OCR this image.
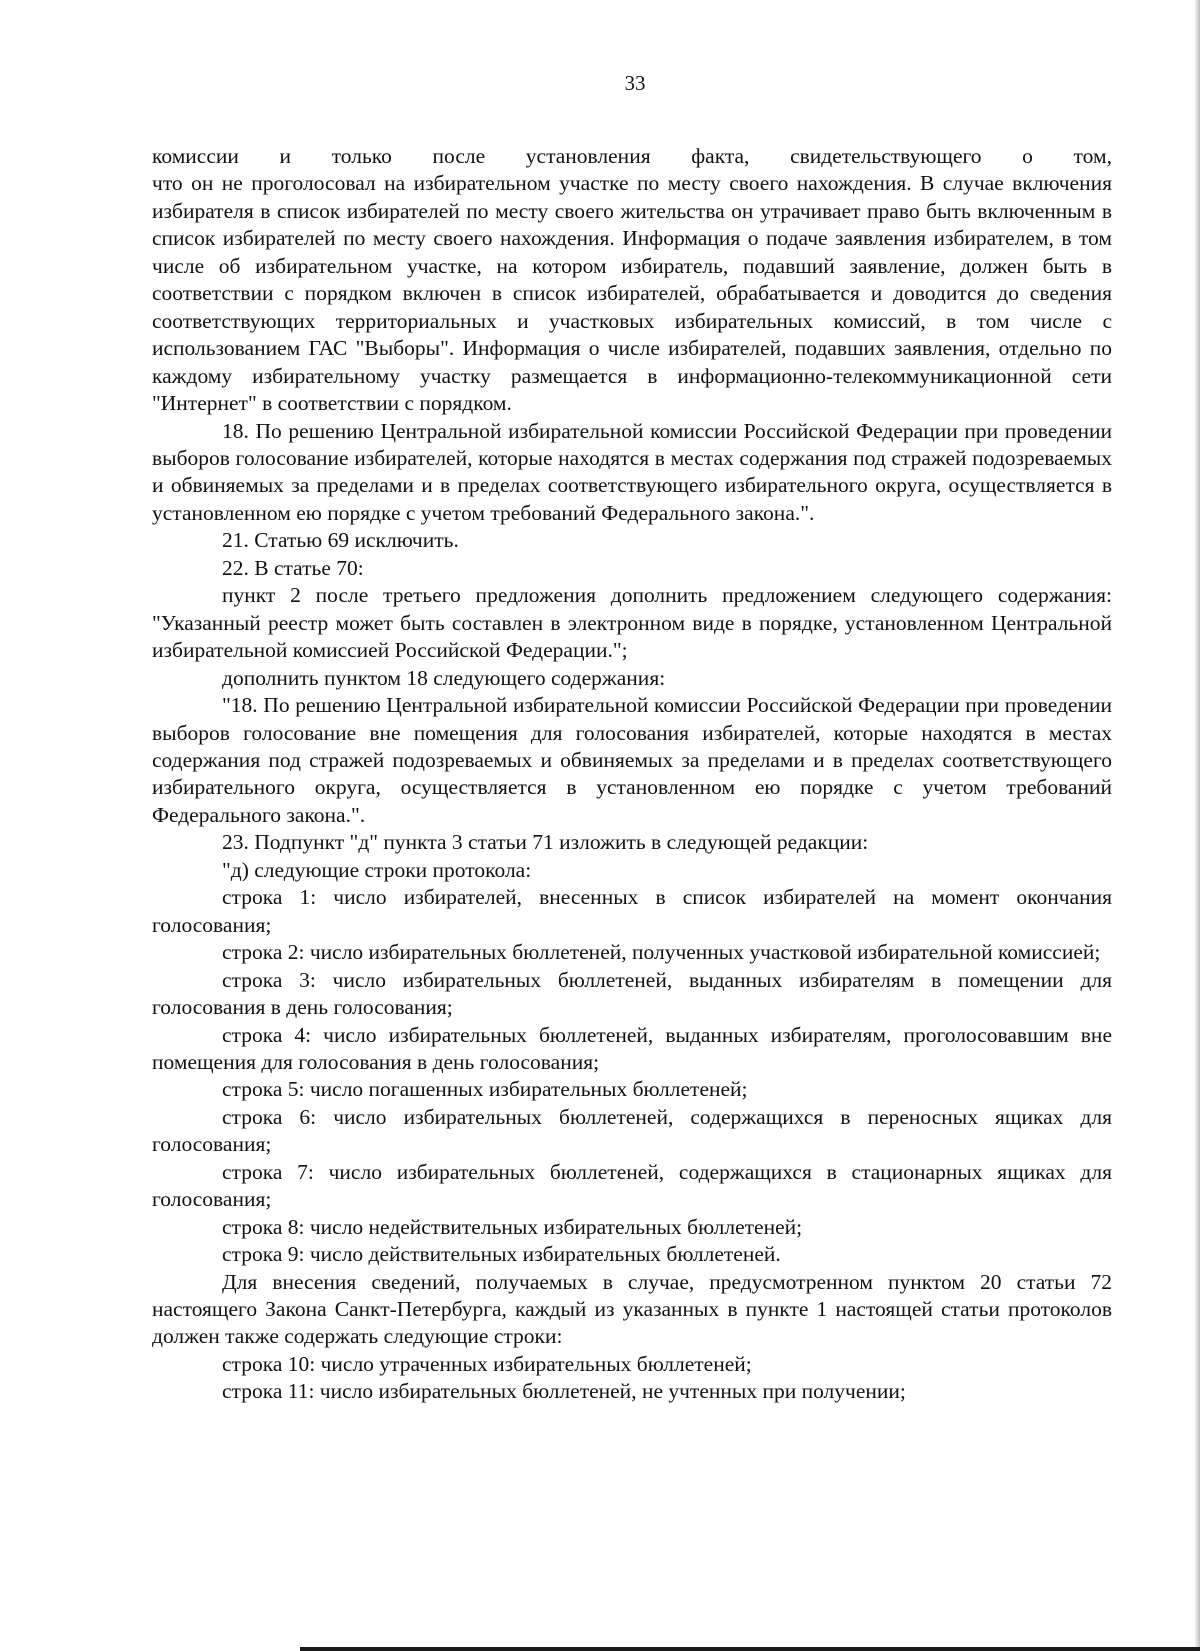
33

комиссии и только после установления факта, свидетельствующего о том,

что он не проголосовал на избирательном участке по месту своего нахождения. В случае включения избирателя в список избирателей по месту своего жительства он утрачивает право быть включенным в список избирателей по месту своего нахождения. Информация о подаче заявления избирателем, в том числе об избирательном участке, на котором избиратель, подавший заявление, должен быть в соответствии с порядком включен в список избирателей, обрабатывается и доводится до сведения соответствующих территориальных и участковых избирательных комиссий, в том числе с использованием ГАС "Выборы". Информация о числе избирателей, подавших заявления, отдельно по каждому избирательному участку размещается в информационно-телекоммуникационной сети "Интернет" в соответствии с порядком.

18. По решению Центральной избирательной комиссии Российской Федерации при проведении выборов голосование избирателей, которые находятся в местах содержания под стражей подозреваемых и обвиняемых за пределами и в пределах соответствующего избирательного округа, осуществляется в установленном ею порядке с учетом требований Федерального закона.".

21. Статью 69 исключить.

22. В статье 70:

пункт 2 после третьего предложения дополнить предложением следующего содержания: "Указанный реестр может быть составлен в электронном виде в порядке, установленном Центральной избирательной комиссией Российской Федерации.";

дополнить пунктом 18 следующего содержания:

"18. По решению Центральной избирательной комиссии Российской Федерации при проведении выборов голосование вне помещения для голосования избирателей, которые находятся в местах содержания под стражей подозреваемых и обвиняемых за пределами и в пределах соответствующего избирательного округа, осуществляется в установленном ею порядке с учетом требований Федерального закона.".

23. Подпункт "д" пункта 3 статьи 71 изложить в следующей редакции:

"д) следующие строки протокола:

строка 1: число избирателей, внесенных в список избирателей на момент окончания голосования;

строка 2: число избирательных бюллетеней, полученных участковой избирательной комиссией;

строка 3: число избирательных бюллетеней, выданных избирателям в помещении для голосования в день голосования;

строка 4: число избирательных бюллетеней, выданных избирателям, проголосовавшим вне помещения для голосования в день голосования;

строка 5: число погашенных избирательных бюллетеней;

строка 6: число избирательных бюллетеней, содержащихся в переносных ящиках для голосования;

строка 7: число избирательных бюллетеней, содержащихся в стационарных ящиках для голосования;

строка 8: число недействительных избирательных бюллетеней;

строка 9: число действительных избирательных бюллетеней.

Для внесения сведений, получаемых в случае, предусмотренном пунктом 20 статьи 72 настоящего Закона Санкт-Петербурга, каждый из указанных в пункте 1 настоящей статьи протоколов должен также содержать следующие строки:

строка 10: число утраченных избирательных бюллетеней;

строка 11: число избирательных бюллетеней, не учтенных при получении;
